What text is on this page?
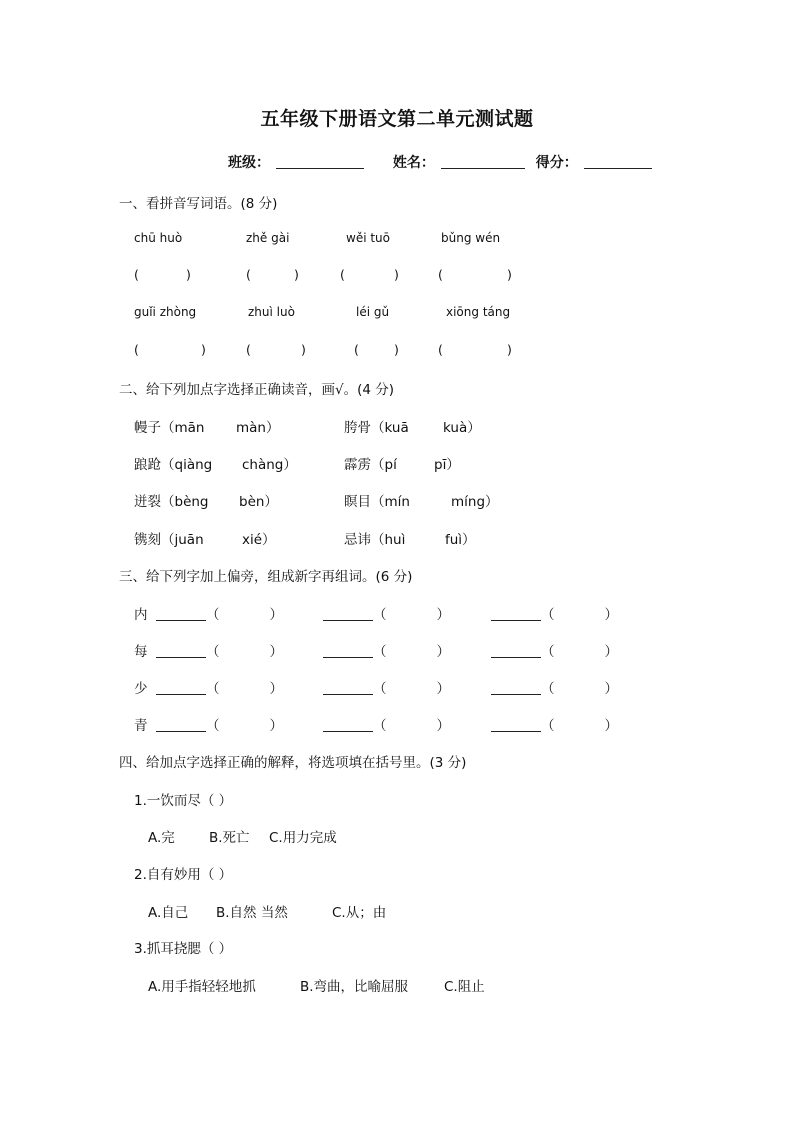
五年级下册语文第二单元测试题
班级：	姓名：	得分：
一、看拼音写词语。(8 分)
chū huò	zhě gài	wěi tuō	bǔng wén
(	)	(	)	(	)	(	)
guǐi zhòng	zhuì luò	léi gǔ	xiōng táng
(	)	(	)	(	)	(	)
二、给下列加点字选择正确读音，画√。(4 分)
幔子（mān màn）	胯骨（kuā	kuà）
踉跄（qiàng chàng）	霹雳（pí	pī）
迸裂（bèng bèn）	瞑目（mín	míng）
镌刻（juān	xié）	忌讳（huì	fuì）
三、给下列字加上偏旁，组成新字再组词。(6 分)
内	（	）	（	）	（	）
每	（	）	（	）	（	）
少	（	）	（	）	（	）
青	（	）	（	）	（	）
四、给加点字选择正确的解释，将选项填在括号里。(3 分)
1.一饮而尽（ ）
A.完	B.死亡 C.用力完成
2.自有妙用（ ）
A.自己 B.自然 当然	C.从；由
3.抓耳挠腮（ ）
A.用手指轻轻地抓	B.弯曲，比喻屈服	C.阻止
